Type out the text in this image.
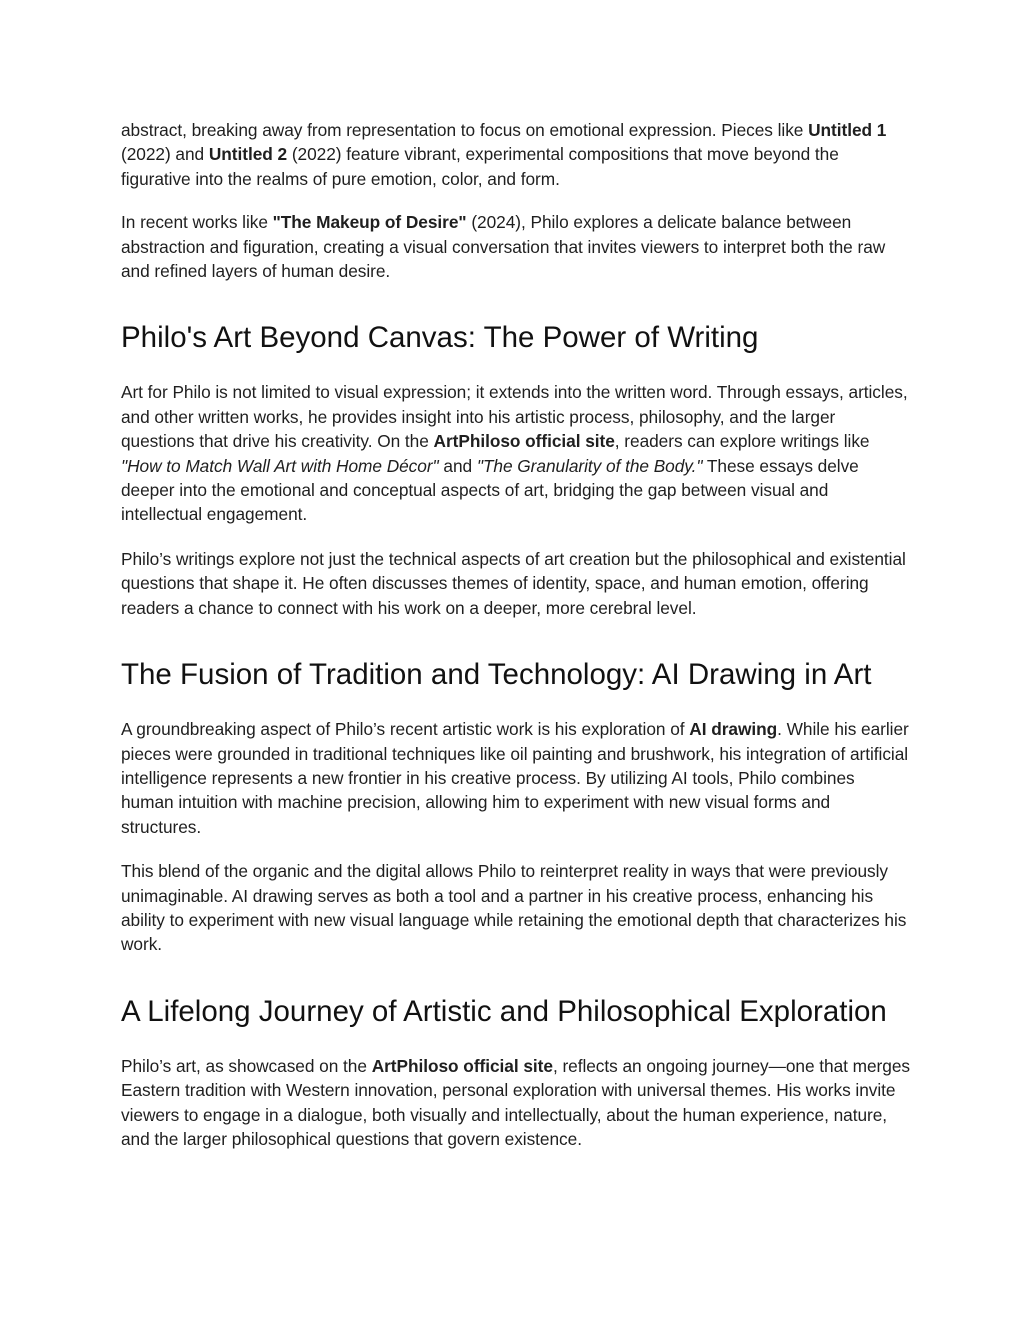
abstract, breaking away from representation to focus on emotional expression. Pieces like Untitled 1 (2022) and Untitled 2 (2022) feature vibrant, experimental compositions that move beyond the figurative into the realms of pure emotion, color, and form.

In recent works like "The Makeup of Desire" (2024), Philo explores a delicate balance between abstraction and figuration, creating a visual conversation that invites viewers to interpret both the raw and refined layers of human desire.

Philo's Art Beyond Canvas: The Power of Writing

Art for Philo is not limited to visual expression; it extends into the written word. Through essays, articles, and other written works, he provides insight into his artistic process, philosophy, and the larger questions that drive his creativity. On the ArtPhiloso official site, readers can explore writings like "How to Match Wall Art with Home Décor" and "The Granularity of the Body." These essays delve deeper into the emotional and conceptual aspects of art, bridging the gap between visual and intellectual engagement.

Philo’s writings explore not just the technical aspects of art creation but the philosophical and existential questions that shape it. He often discusses themes of identity, space, and human emotion, offering readers a chance to connect with his work on a deeper, more cerebral level.

The Fusion of Tradition and Technology: AI Drawing in Art

A groundbreaking aspect of Philo’s recent artistic work is his exploration of AI drawing. While his earlier pieces were grounded in traditional techniques like oil painting and brushwork, his integration of artificial intelligence represents a new frontier in his creative process. By utilizing AI tools, Philo combines human intuition with machine precision, allowing him to experiment with new visual forms and structures.

This blend of the organic and the digital allows Philo to reinterpret reality in ways that were previously unimaginable. AI drawing serves as both a tool and a partner in his creative process, enhancing his ability to experiment with new visual language while retaining the emotional depth that characterizes his work.

A Lifelong Journey of Artistic and Philosophical Exploration

Philo’s art, as showcased on the ArtPhiloso official site, reflects an ongoing journey—one that merges Eastern tradition with Western innovation, personal exploration with universal themes. His works invite viewers to engage in a dialogue, both visually and intellectually, about the human experience, nature, and the larger philosophical questions that govern existence.
